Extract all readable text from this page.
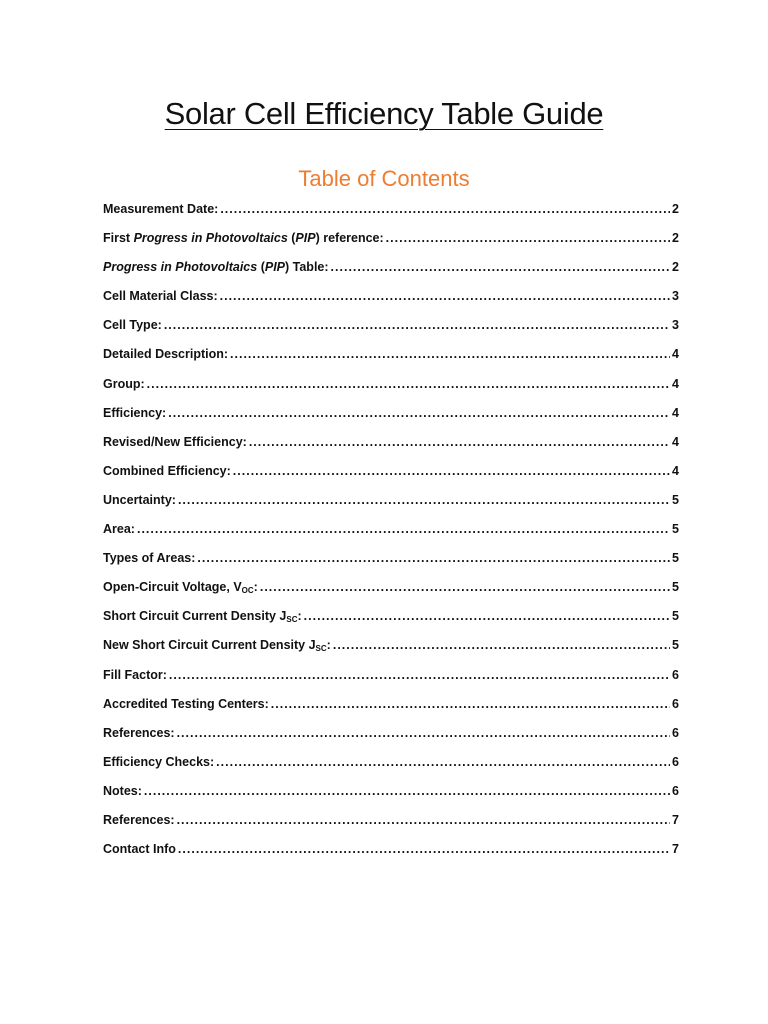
Solar Cell Efficiency Table Guide
Table of Contents
Measurement Date: .....	2
First Progress in Photovoltaics (PIP) reference: .....	2
Progress in Photovoltaics (PIP) Table: .....	2
Cell Material Class: .....	3
Cell Type: .....	3
Detailed Description: .....	4
Group: .....	4
Efficiency: .....	4
Revised/New Efficiency: .....	4
Combined Efficiency: .....	4
Uncertainty: .....	5
Area: .....	5
Types of Areas: .....	5
Open-Circuit Voltage, $V_{OC}$: .....	5
Short Circuit Current Density $J_{SC}$: .....	5
New Short Circuit Current Density $J_{SC}$: .....	5
Fill Factor: .....	6
Accredited Testing Centers: .....	6
References: .....	6
Efficiency Checks: .....	6
Notes: .....	6
References: .....	7
Contact Info .....	7
